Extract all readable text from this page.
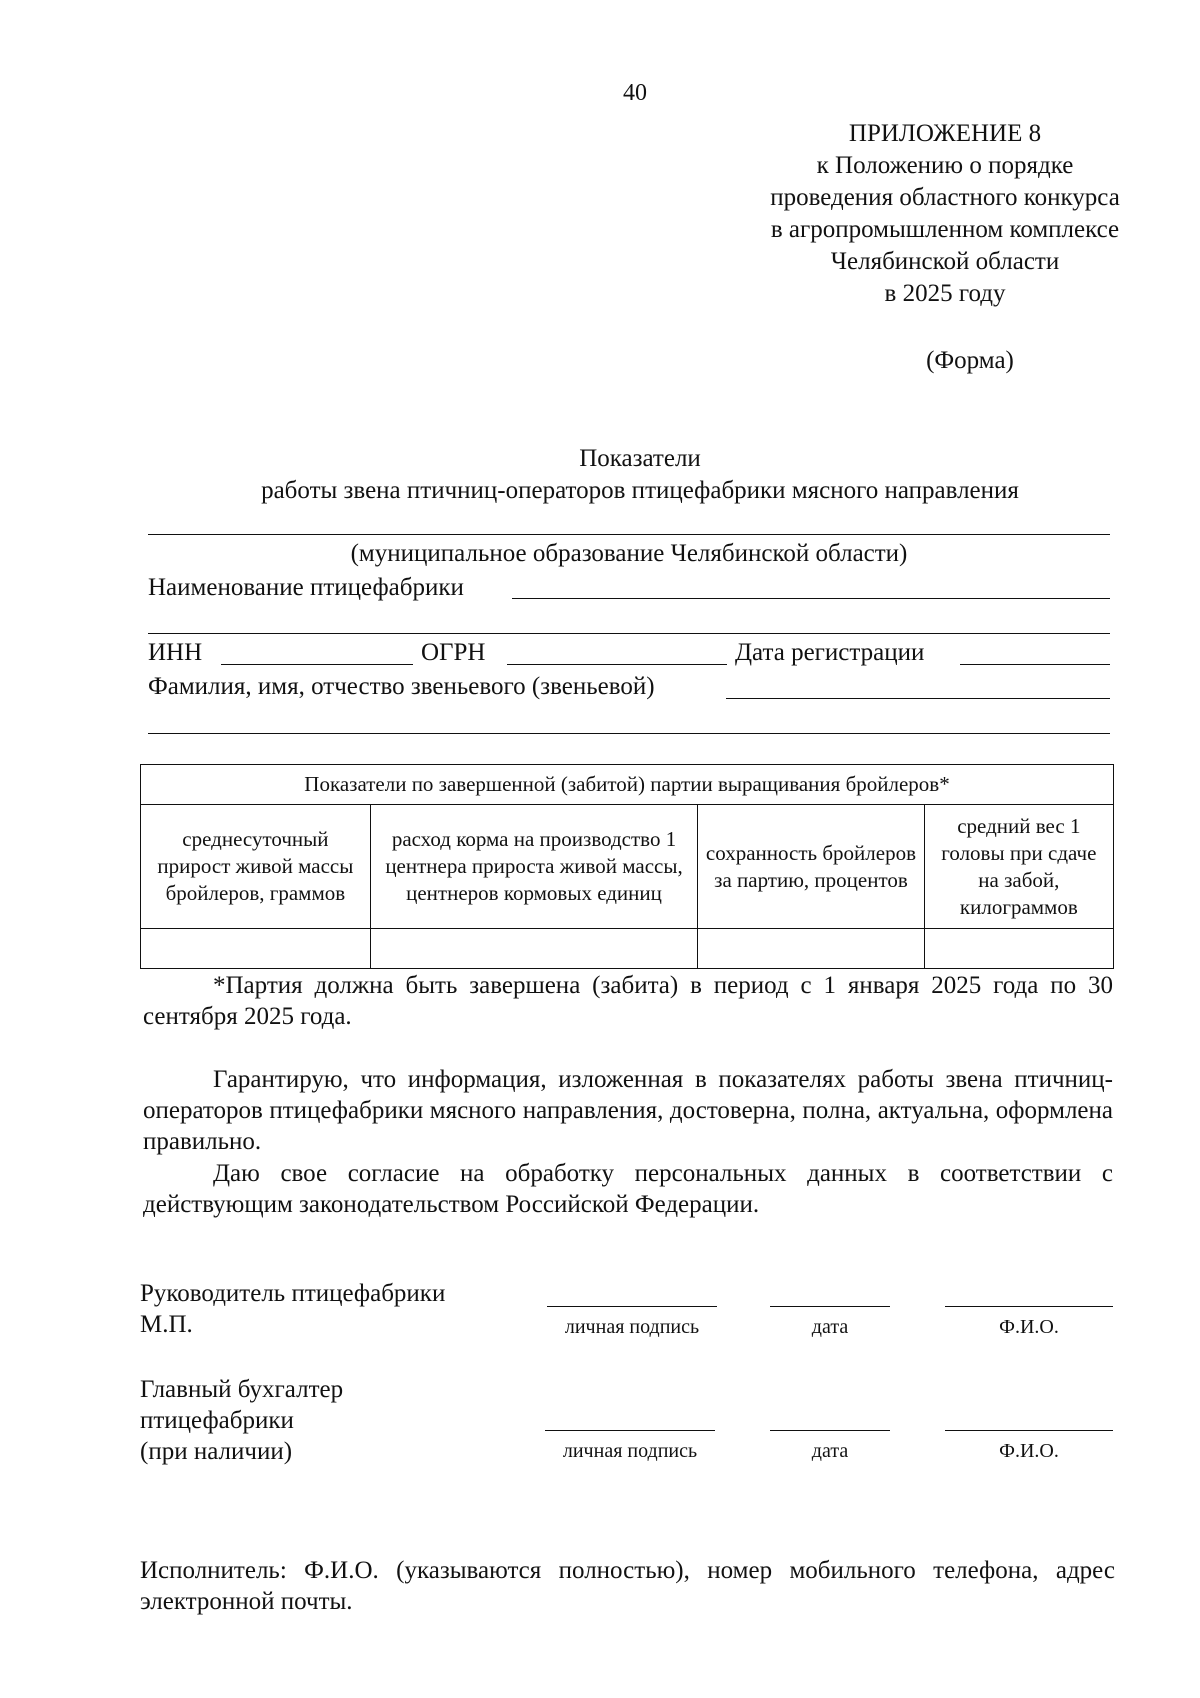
40
ПРИЛОЖЕНИЕ 8
к Положению о порядке
проведения областного конкурса
в агропромышленном комплексе
Челябинской области
в 2025 году
(Форма)
Показатели
работы звена птичниц-операторов птицефабрики мясного направления
(муниципальное образование Челябинской области)
Наименование птицефабрики
ИНН	ОГРН	Дата регистрации
Фамилия, имя, отчество звеньевого (звеньевой)
Показатели по завершенной (забитой) партии выращивания бройлеров*			
среднесуточный прирост живой массы бройлеров, граммов	расход корма на производство 1 центнера прироста живой массы, центнеров кормовых единиц	сохранность бройлеров за партию, процентов	средний вес 1 головы при сдаче на забой, килограммов

*Партия должна быть завершена (забита) в период с 1 января 2025 года по 30 сентября 2025 года.
Гарантирую, что информация, изложенная в показателях работы звена птичниц-операторов птицефабрики мясного направления, достоверна, полна, актуальна, оформлена правильно.
Даю свое согласие на обработку персональных данных в соответствии с действующим законодательством Российской Федерации.
Руководитель птицефабрики
М.П.	личная подпись	дата	Ф.И.О.
Главный бухгалтер
птицефабрики
(при наличии)	личная подпись	дата	Ф.И.О.
Исполнитель: Ф.И.О. (указываются полностью), номер мобильного телефона, адрес электронной почты.
